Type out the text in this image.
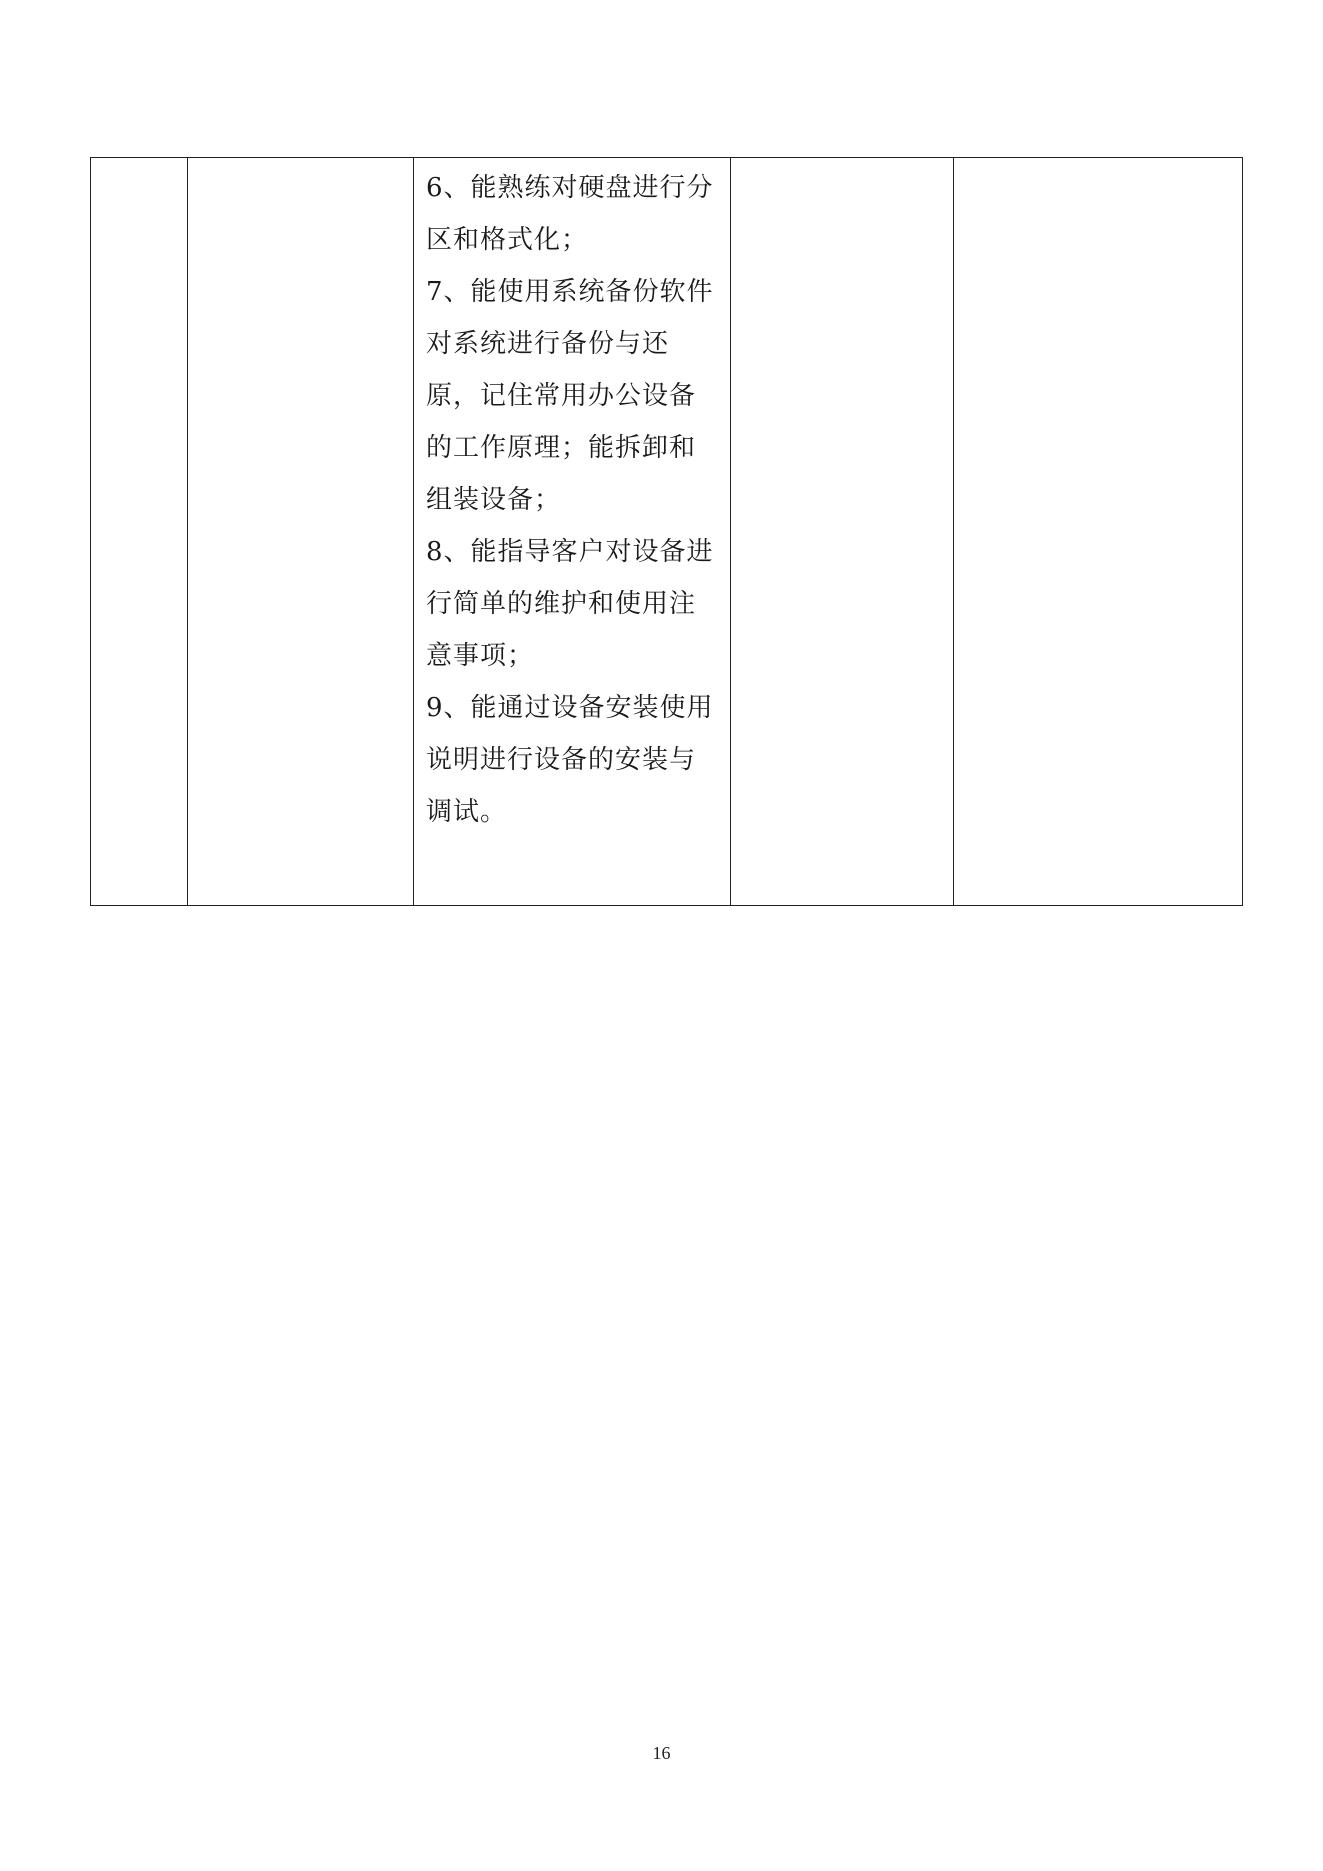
6、能熟练对硬盘进行分区和格式化；

7、能使用系统备份软件对系统进行备份与还原，记住常用办公设备的工作原理；能拆卸和组装设备；

8、能指导客户对设备进行简单的维护和使用注意事项；

9、能通过设备安装使用说明进行设备的安装与调试。

16
